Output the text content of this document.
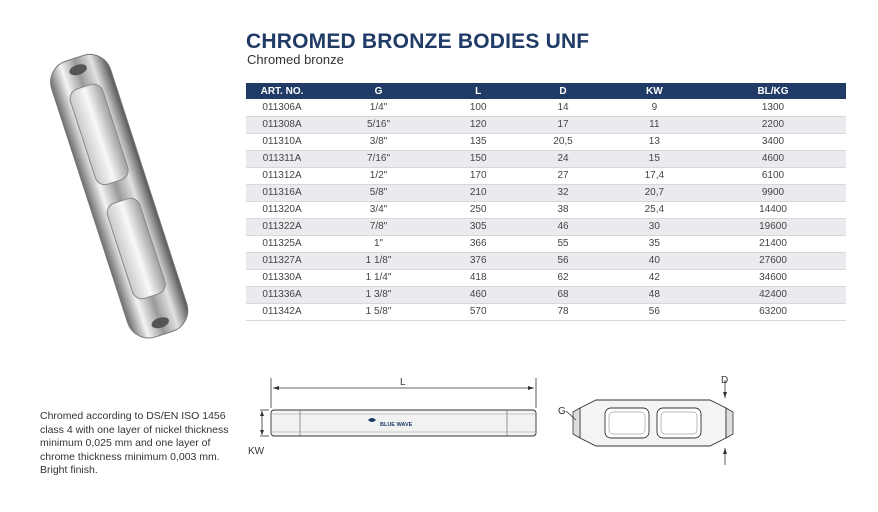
CHROMED BRONZE BODIES UNF
Chromed bronze
ART. NO.	G	L	D	KW	BL/KG
011306A	1/4"	100	14	9	1300
011308A	5/16"	120	17	11	2200
011310A	3/8"	135	20,5	13	3400
011311A	7/16"	150	24	15	4600
011312A	1/2"	170	27	17,4	6100
011316A	5/8"	210	32	20,7	9900
011320A	3/4"	250	38	25,4	14400
011322A	7/8"	305	46	30	19600
011325A	1"	366	55	35	21400
011327A	1 1/8"	376	56	40	27600
011330A	1 1/4"	418	62	42	34600
011336A	1 3/8"	460	68	48	42400
011342A	1 5/8"	570	78	56	63200
Chromed according to DS/EN ISO 1456 class 4 with one layer of nickel thickness minimum 0,025 mm and one layer of chrome thickness minimum 0,003 mm. Bright finish.
L
BLUE WAVE
KW
D
G
